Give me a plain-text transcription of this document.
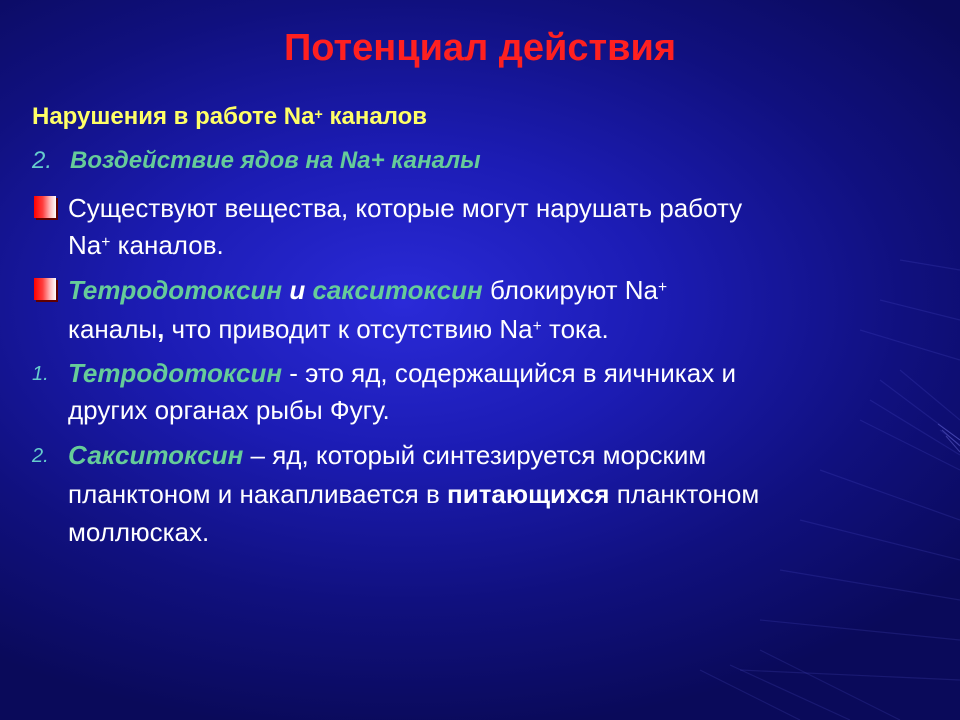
Потенциал действия
Нарушения в работе Na+ каналов
2. Воздействие ядов на Na+ каналы
Существуют вещества, которые могут нарушать работу
Na+ каналов.
Тетродотоксин и сакситоксин блокируют Na+
каналы, что приводит к отсутствию Na+ тока.
1. Тетродотоксин - это яд, содержащийся в яичниках и
других органах рыбы Фугу.
2. Сакситоксин – яд, который синтезируется морским
планктоном и накапливается в питающихся планктоном
моллюсках.
